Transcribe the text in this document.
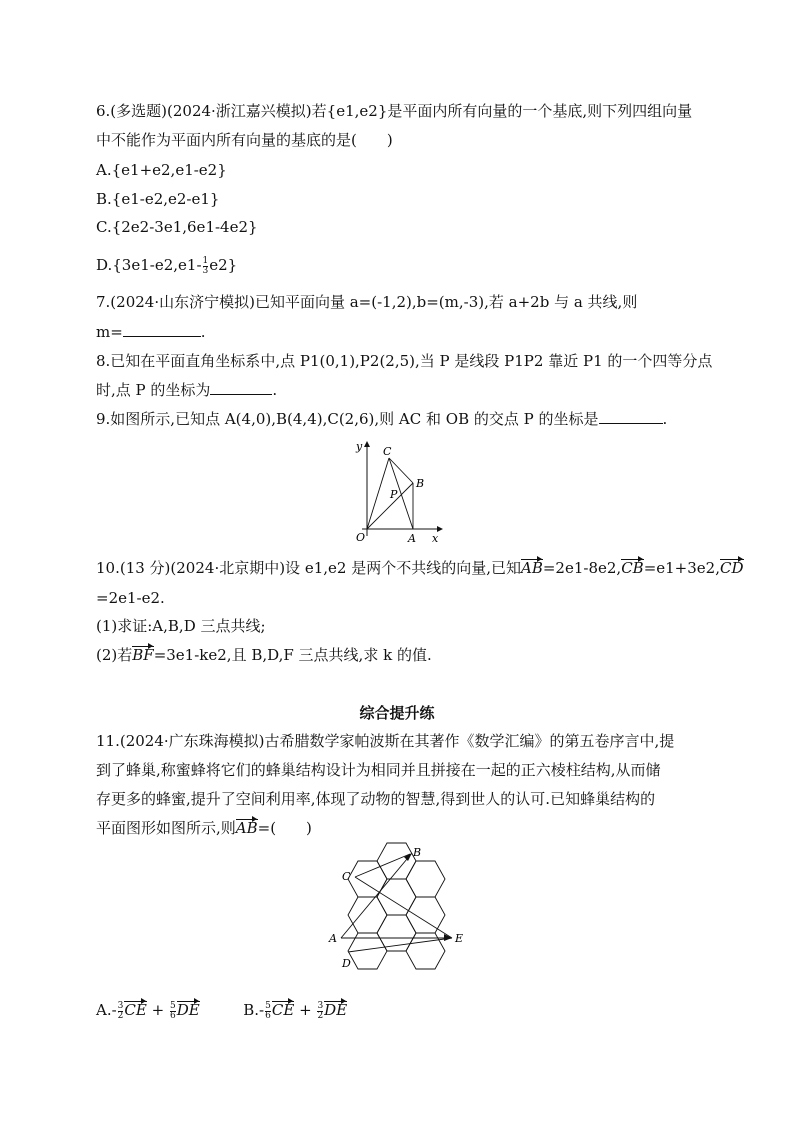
6.(多选题)(2024·浙江嘉兴模拟)若{e1,e2}是平面内所有向量的一个基底,则下列四组向量
中不能作为平面内所有向量的基底的是(　　)
A.{e1+e2,e1-e2}
B.{e1-e2,e2-e1}
C.{2e2-3e1,6e1-4e2}
$D.\{3e1-e2,e1- \frac{1}{3} e2\}$
7.(2024·山东济宁模拟)已知平面向量 a=(-1,2),b=(m,-3),若 a+2b 与 a 共线,则
m=	.
8.已知在平面直角坐标系中,点 P1(0,1),P2(2,5),当 P 是线段 P1P2 靠近 P1 的一个四等分点
时,点 P 的坐标为	.
9.如图所示,已知点 A(4,0),B(4,4),C(2,6),则 AC 和 OB 的交点 P 的坐标是	.
y
x
O	A
B
C
P
10.(13 分)(2024·北京期中)设 e1,e2 是两个不共线的向量,已知AB=2e1-8e2,CB=e1+3e2,CD
=2e1-e2.
(1)求证:A,B,D 三点共线;
(2)若BF=3e1-ke2,且 B,D,F 三点共线,求 k 的值.
综合提升练
11.(2024·广东珠海模拟)古希腊数学家帕波斯在其著作《数学汇编》的第五卷序言中,提
到了蜂巢,称蜜蜂将它们的蜂巢结构设计为相同并且拼接在一起的正六棱柱结构,从而储
存更多的蜂蜜,提升了空间利用率,体现了动物的智慧,得到世人的认可.已知蜂巢结构的
平面图形如图所示,则AB=(　　)
A
B
C
D
E
$A.- \frac{3}{2}$ CE + $\frac{5}{6}$ DE	$B.- \frac{5}{6}$ CE + $\frac{3}{2}$ DE
